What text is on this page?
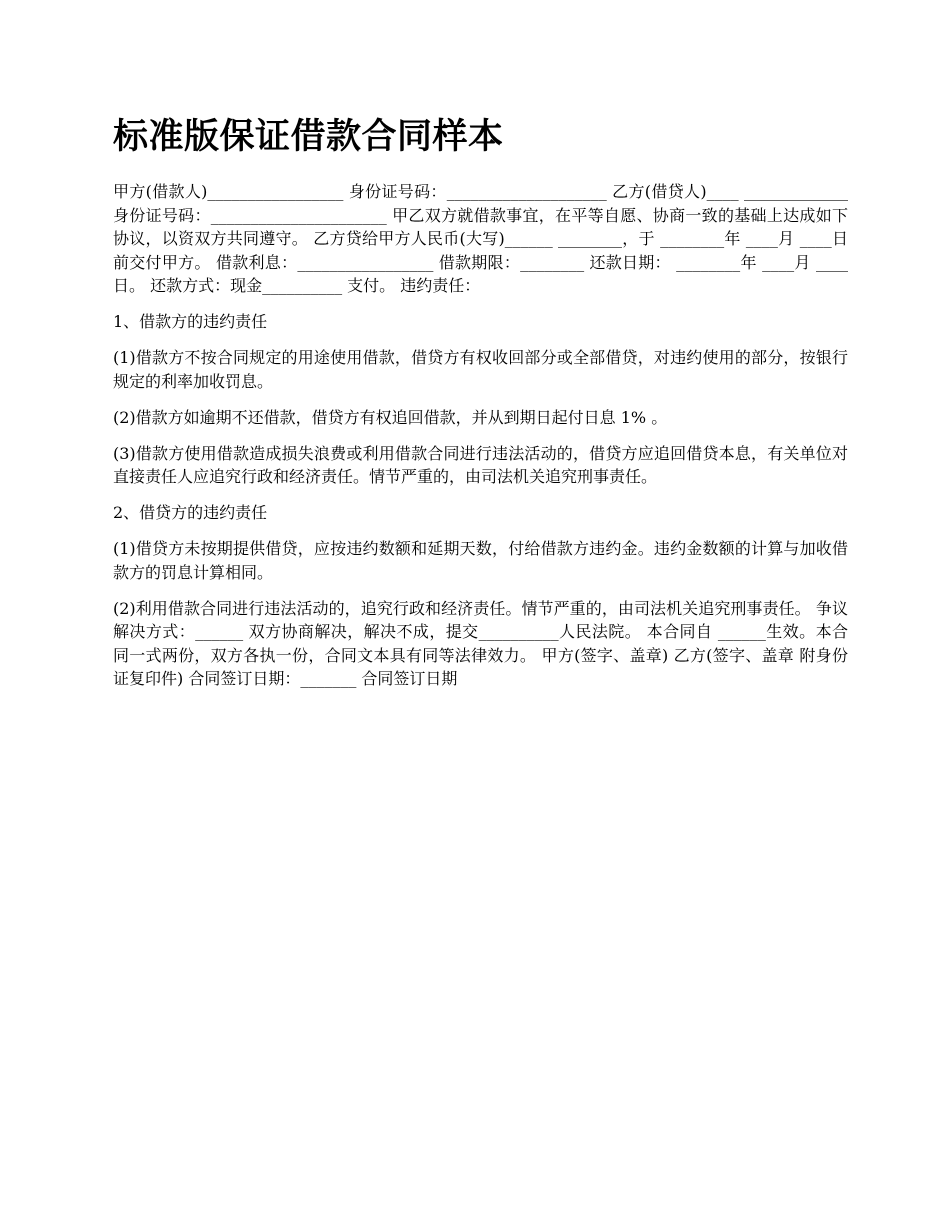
标准版保证借款合同样本

甲方(借款人)_________________ 身份证号码：____________________ 乙方(借贷人)____ _____________ 身份证号码：______________________ 甲乙双方就借款事宜，在平等自愿、协商一致的基础上达成如下协议，以资双方共同遵守。 乙方贷给甲方人民币(大写)______ ________，于 ________年 ____月 ____日前交付甲方。 借款利息：_________________ 借款期限：________ 还款日期： ________年 ____月 ____日。 还款方式：现金__________ 支付。 违约责任：

1、借款方的违约责任

(1)借款方不按合同规定的用途使用借款，借贷方有权收回部分或全部借贷，对违约使用的部分，按银行规定的利率加收罚息。

(2)借款方如逾期不还借款，借贷方有权追回借款，并从到期日起付日息 1% 。

(3)借款方使用借款造成损失浪费或利用借款合同进行违法活动的，借贷方应追回借贷本息，有关单位对直接责任人应追究行政和经济责任。情节严重的，由司法机关追究刑事责任。

2、借贷方的违约责任

(1)借贷方未按期提供借贷，应按违约数额和延期天数，付给借款方违约金。违约金数额的计算与加收借款方的罚息计算相同。

(2)利用借款合同进行违法活动的，追究行政和经济责任。情节严重的，由司法机关追究刑事责任。 争议解决方式：______ 双方协商解决，解决不成，提交__________人民法院。 本合同自 ______生效。本合同一式两份，双方各执一份，合同文本具有同等法律效力。 甲方(签字、盖章) 乙方(签字、盖章 附身份证复印件) 合同签订日期：_______ 合同签订日期
